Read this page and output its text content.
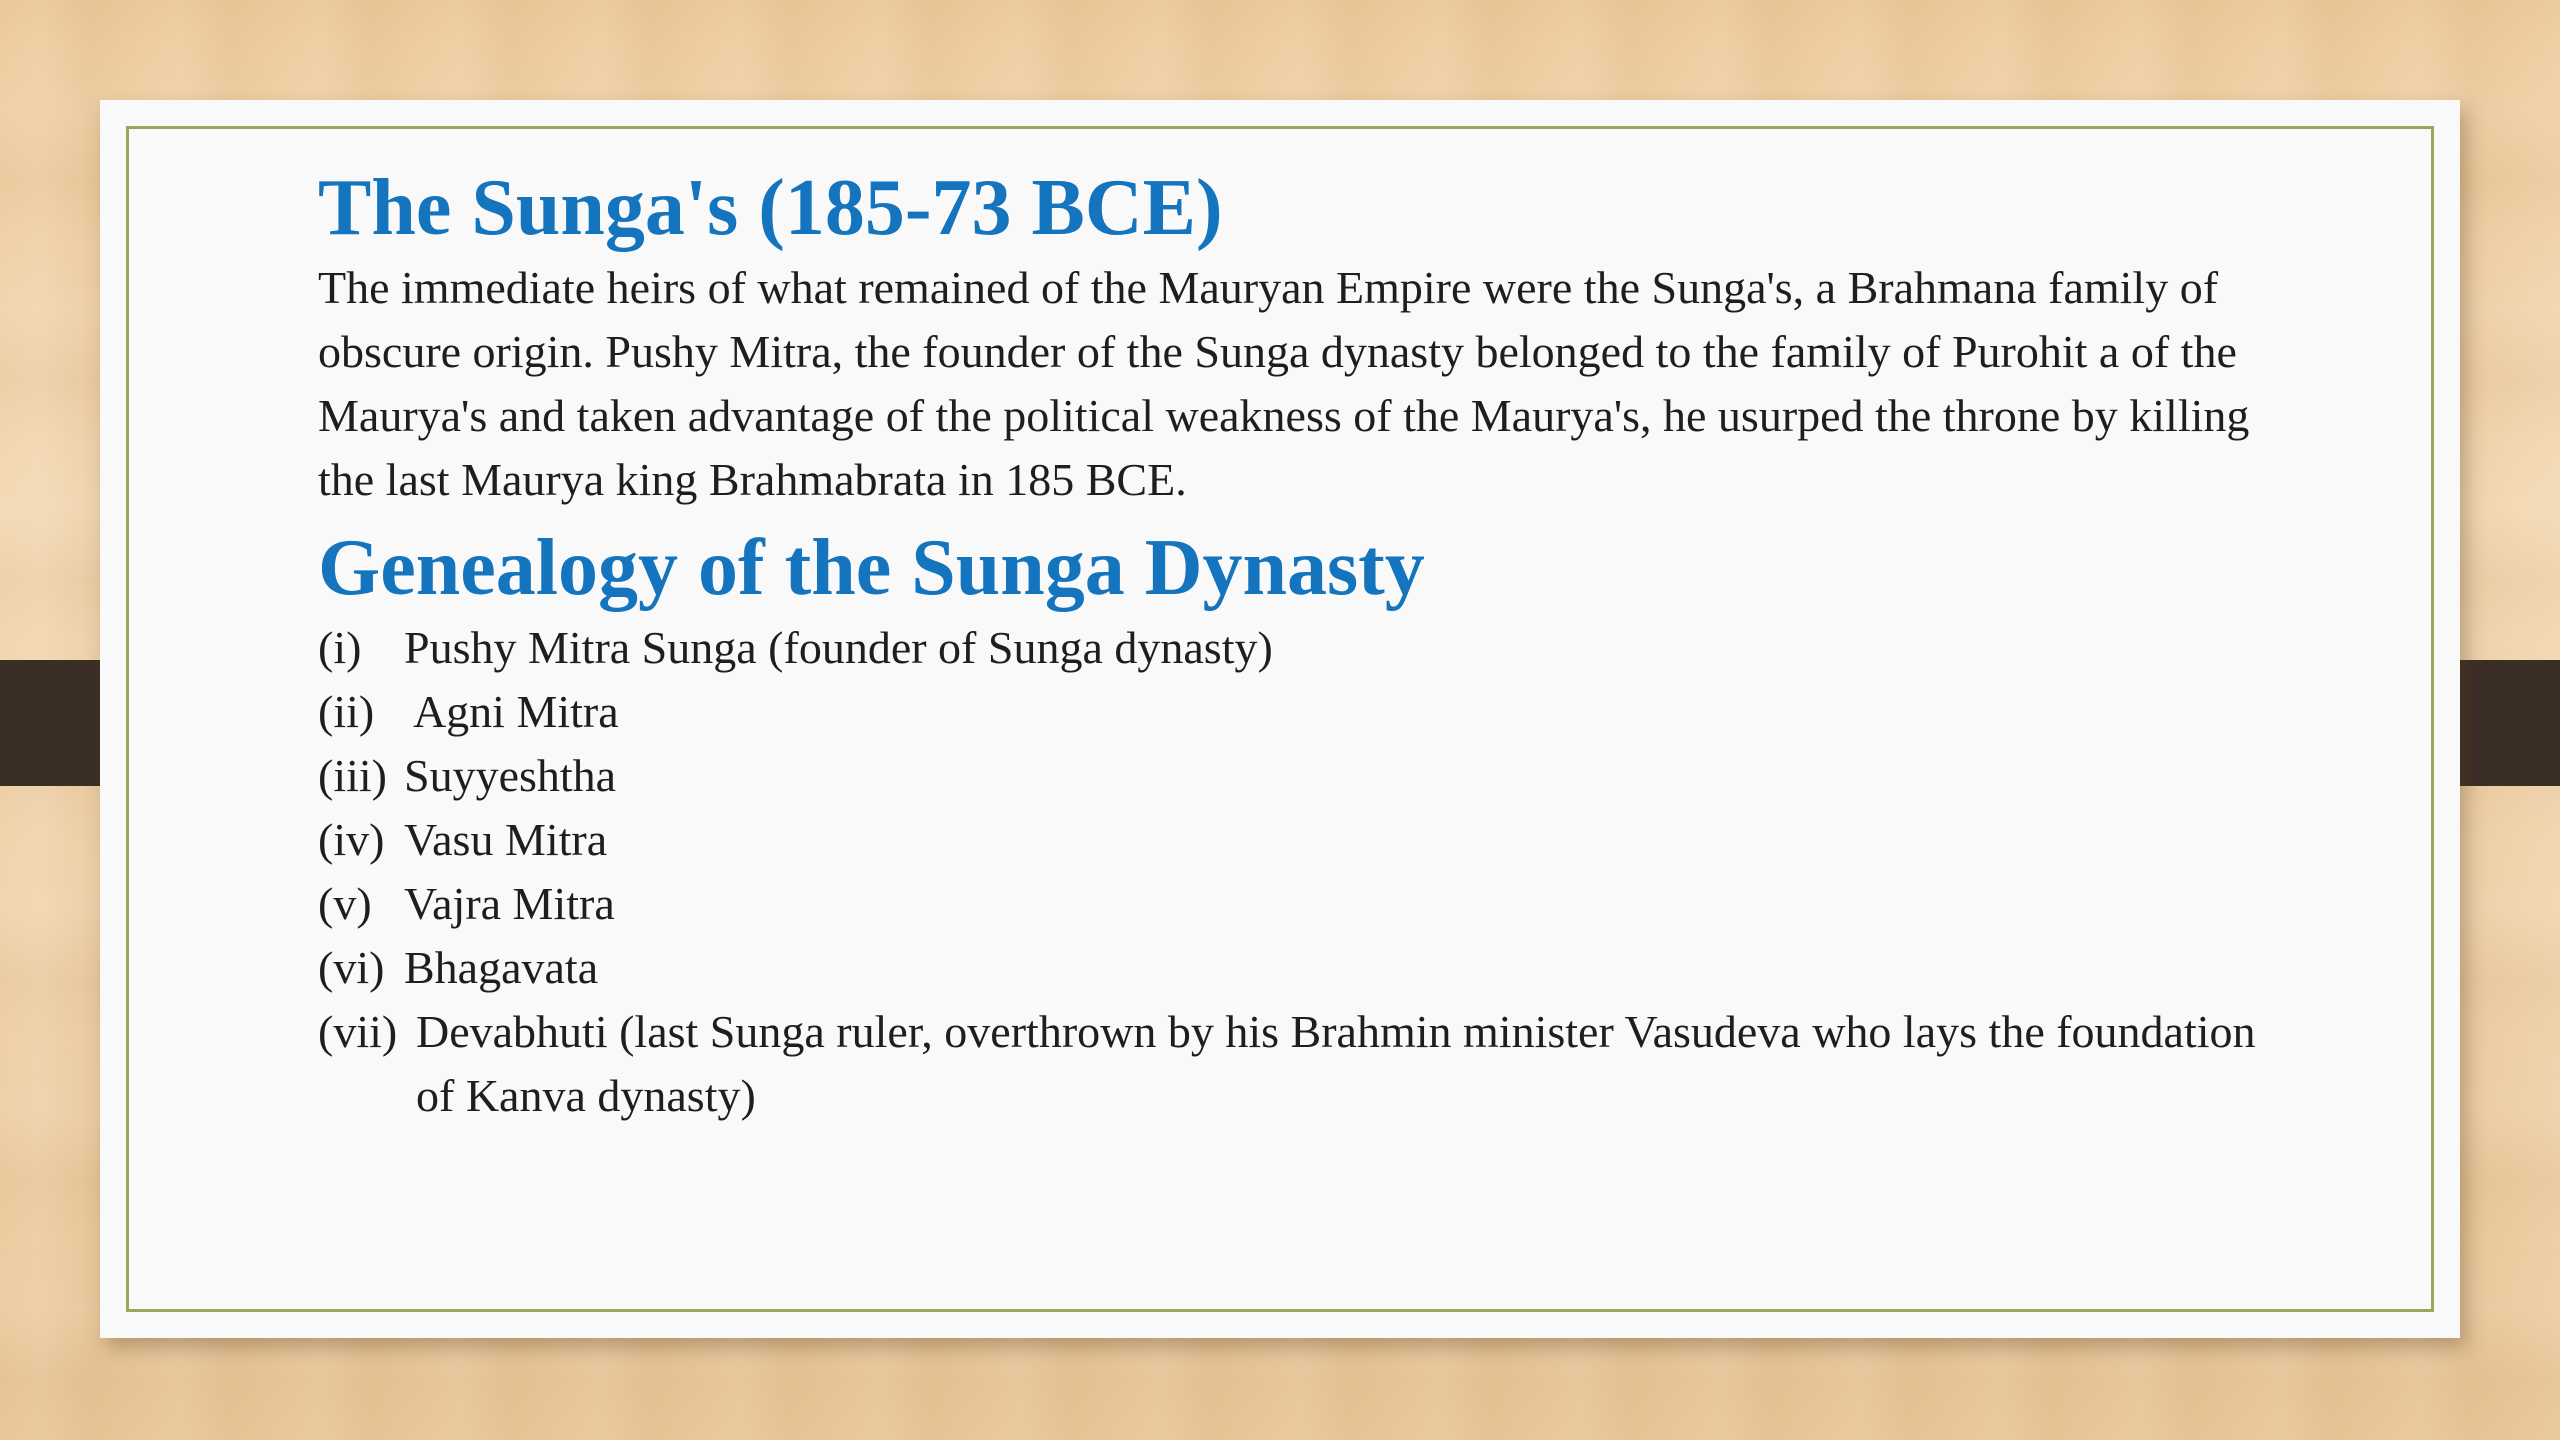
The Sunga's (185-73 BCE)

The immediate heirs of what remained of the Mauryan Empire were the Sunga's, a Brahmana family of obscure origin. Pushy Mitra, the founder of the Sunga dynasty belonged to the family of Purohit a of the Maurya's and taken advantage of the political weakness of the Maurya's, he usurped the throne by killing the last Maurya king Brahmabrata in 185 BCE.

Genealogy of the Sunga Dynasty
(i) Pushy Mitra Sunga (founder of Sunga dynasty)
(ii) Agni Mitra
(iii) Suyyeshtha
(iv) Vasu Mitra
(v) Vajra Mitra
(vi) Bhagavata
(vii) Devabhuti (last Sunga ruler, overthrown by his Brahmin minister Vasudeva who lays the foundation of Kanva dynasty)
